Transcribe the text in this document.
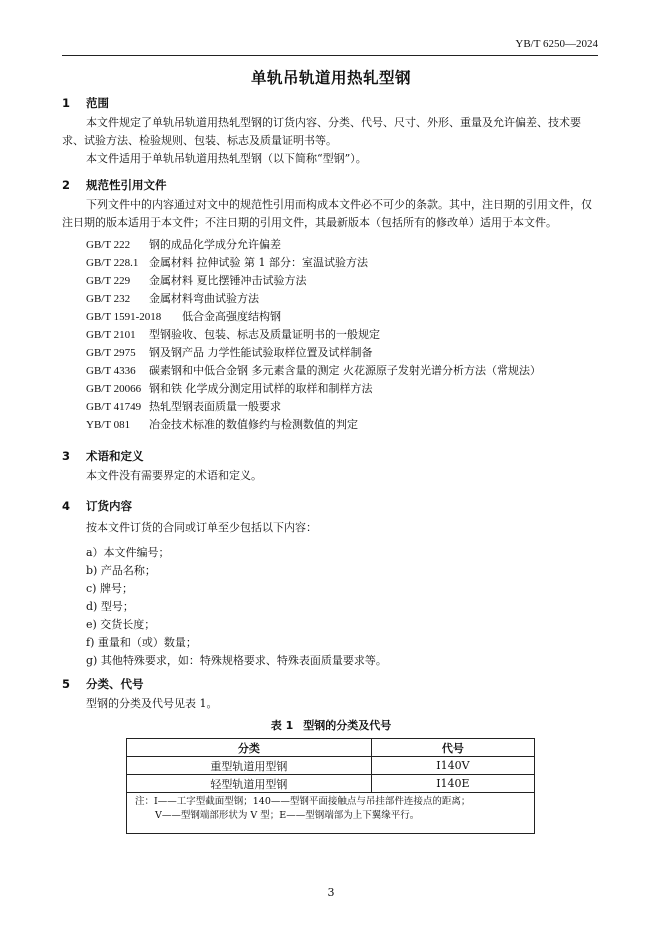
YB/T 6250—2024
单轨吊轨道用热轧型钢
1 范围
本文件规定了单轨吊轨道用热轧型钢的订货内容、分类、代号、尺寸、外形、重量及允许偏差、技术要求、试验方法、检验规则、包装、标志及质量证明书等。
本文件适用于单轨吊轨道用热轧型钢（以下简称“型钢”）。
2 规范性引用文件
下列文件中的内容通过对文中的规范性引用而构成本文件必不可少的条款。其中，注日期的引用文件，仅注日期的版本适用于本文件；不注日期的引用文件，其最新版本（包括所有的修改单）适用于本文件。
GB/T 222 钢的成品化学成分允许偏差
GB/T 228.1 金属材料 拉伸试验 第 1 部分：室温试验方法
GB/T 229 金属材料 夏比摆锤冲击试验方法
GB/T 232 金属材料弯曲试验方法
GB/T 1591-2018 低合金高强度结构钢
GB/T 2101 型钢验收、包装、标志及质量证明书的一般规定
GB/T 2975 钢及钢产品 力学性能试验取样位置及试样制备
GB/T 4336 碳素钢和中低合金钢 多元素含量的测定 火花源原子发射光谱分析方法（常规法）
GB/T 20066 钢和铁 化学成分测定用试样的取样和制样方法
GB/T 41749 热轧型钢表面质量一般要求
YB/T 081 冶金技术标准的数值修约与检测数值的判定
3 术语和定义
本文件没有需要界定的术语和定义。
4 订货内容
按本文件订货的合同或订单至少包括以下内容：
a）本文件编号；
b) 产品名称；
c) 牌号；
d) 型号；
e) 交货长度；
f) 重量和（或）数量；
g) 其他特殊要求，如：特殊规格要求、特殊表面质量要求等。
5 分类、代号
型钢的分类及代号见表 1。
表 1 型钢的分类及代号
分类	代号
重型轨道用型钢	I140V
轻型轨道用型钢	I140E

注：I——工字型截面型钢；140——型钢平面接触点与吊挂部件连接点的距离；
V——型钢端部形状为 V 型；E——型钢端部为上下翼缘平行。	
3
